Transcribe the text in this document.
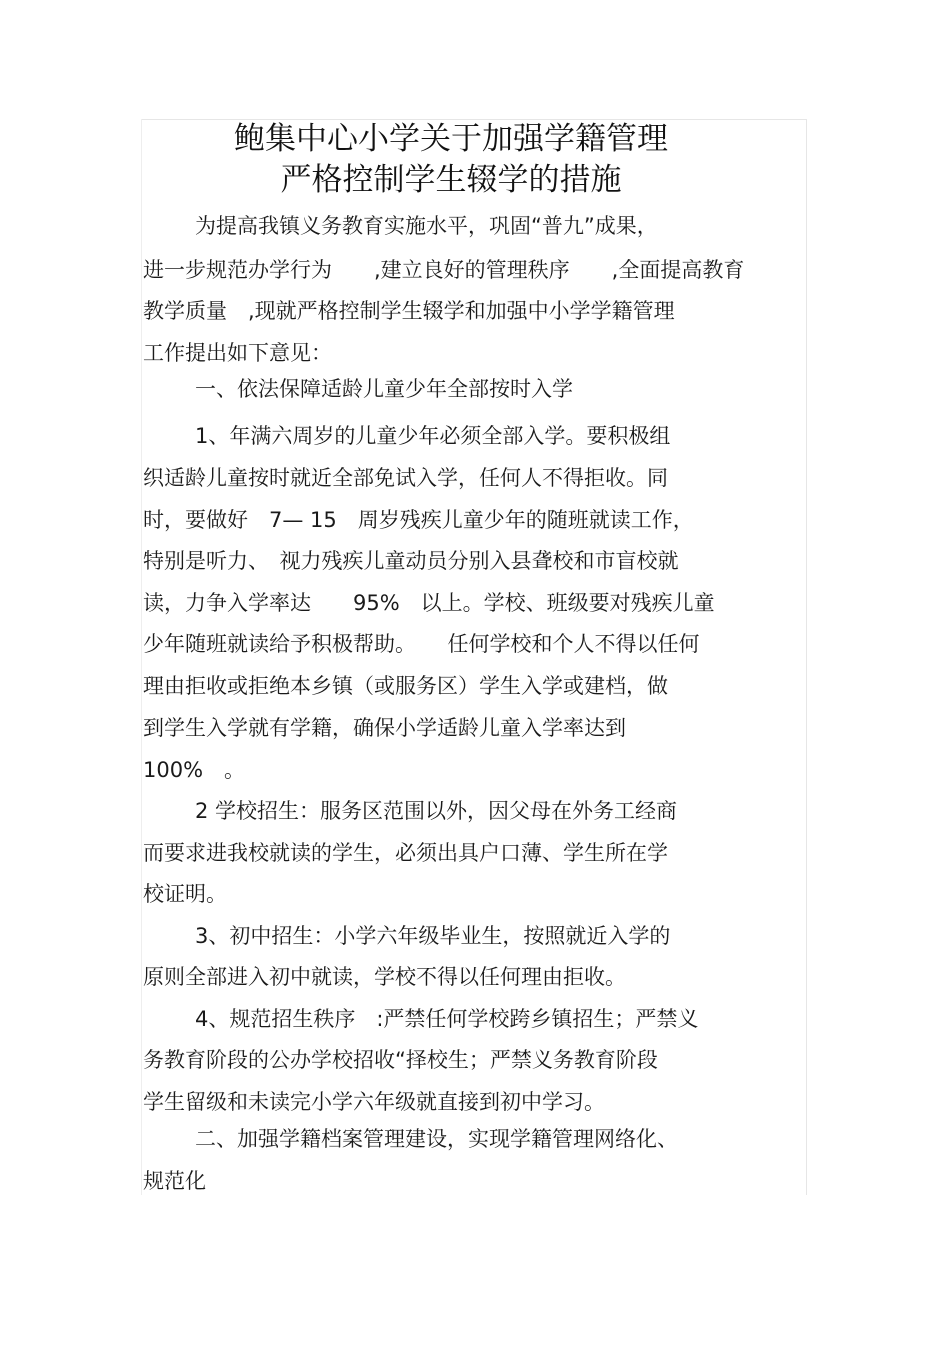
鲍集中心小学关于加强学籍管理
严格控制学生辍学的措施
为提高我镇义务教育实施水平，巩固“普九”成果，
进一步规范办学行为　　,建立良好的管理秩序　　,全面提高教育
教学质量　,现就严格控制学生辍学和加强中小学学籍管理
工作提出如下意见：
一、依法保障适龄儿童少年全部按时入学
1、年满六周岁的儿童少年必须全部入学。要积极组
织适龄儿童按时就近全部免试入学，任何人不得拒收。同
时，要做好　7— 15　周岁残疾儿童少年的随班就读工作，
特别是听力、　视力残疾儿童动员分别入县聋校和市盲校就
读，力争入学率达　　95%　以上。学校、班级要对残疾儿童
少年随班就读给予积极帮助。　　任何学校和个人不得以任何
理由拒收或拒绝本乡镇（或服务区）学生入学或建档，做
到学生入学就有学籍，确保小学适龄儿童入学率达到
100%　。
2 学校招生：服务区范围以外，因父母在外务工经商
而要求进我校就读的学生，必须出具户口薄、学生所在学
校证明。
3、初中招生：小学六年级毕业生，按照就近入学的
原则全部进入初中就读，学校不得以任何理由拒收。
4、规范招生秩序　:严禁任何学校跨乡镇招生；严禁义
务教育阶段的公办学校招收“择校生；严禁义务教育阶段
学生留级和未读完小学六年级就直接到初中学习。
二、加强学籍档案管理建设，实现学籍管理网络化、
规范化
